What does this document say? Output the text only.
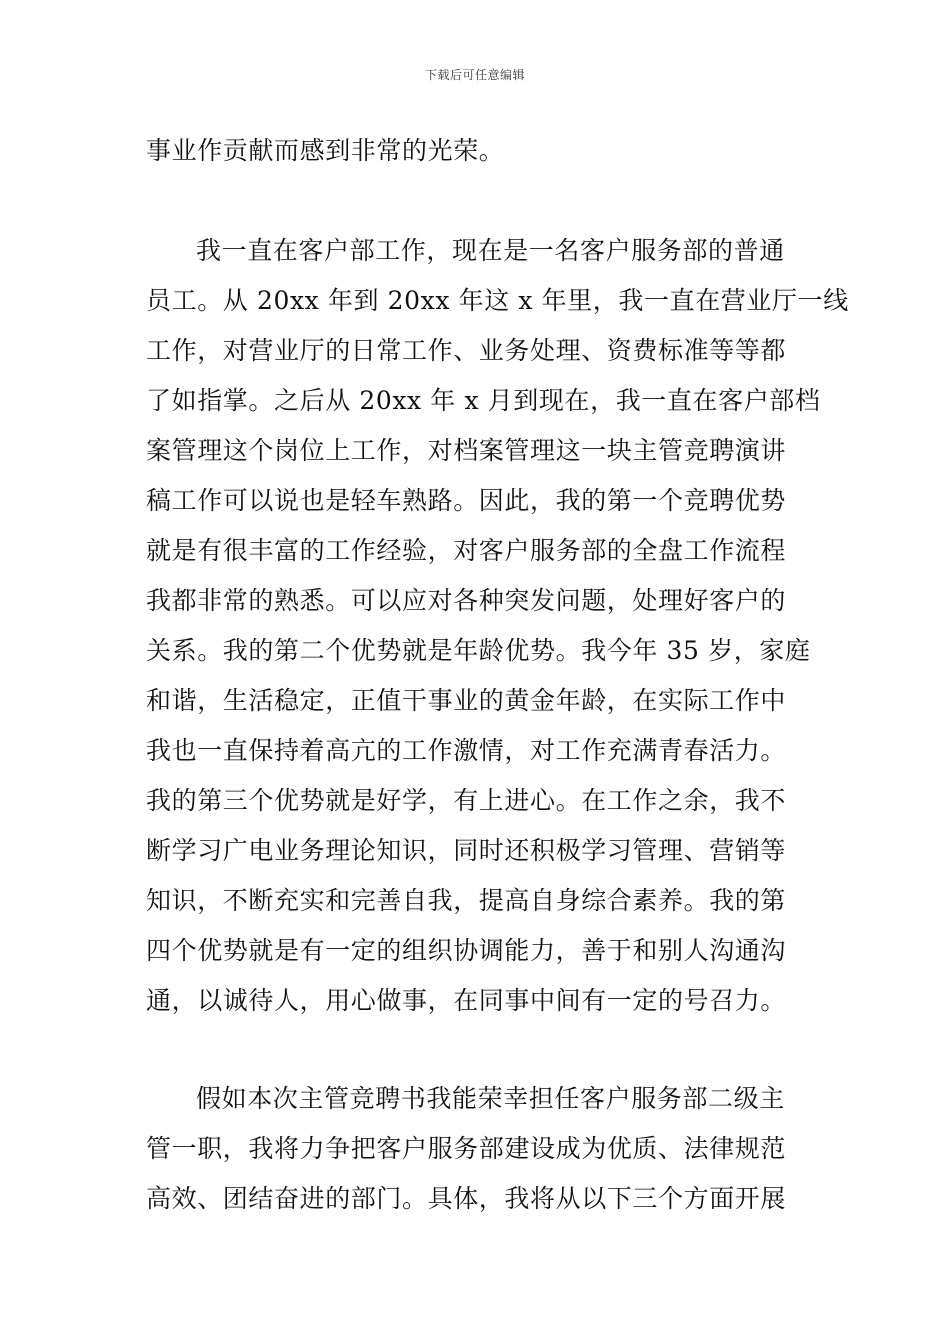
下载后可任意编辑
事业作贡献而感到非常的光荣。
我一直在客户部工作，现在是一名客户服务部的普通
员工。从 20xx 年到 20xx 年这 x 年里，我一直在营业厅一线
工作，对营业厅的日常工作、业务处理、资费标准等等都
了如指掌。之后从 20xx 年 x 月到现在，我一直在客户部档
案管理这个岗位上工作，对档案管理这一块主管竞聘演讲
稿工作可以说也是轻车熟路。因此，我的第一个竞聘优势
就是有很丰富的工作经验，对客户服务部的全盘工作流程
我都非常的熟悉。可以应对各种突发问题，处理好客户的
关系。我的第二个优势就是年龄优势。我今年 35 岁，家庭
和谐，生活稳定，正值干事业的黄金年龄，在实际工作中
我也一直保持着高亢的工作激情，对工作充满青春活力。
我的第三个优势就是好学，有上进心。在工作之余，我不
断学习广电业务理论知识，同时还积极学习管理、营销等
知识，不断充实和完善自我，提高自身综合素养。我的第
四个优势就是有一定的组织协调能力，善于和别人沟通沟
通，以诚待人，用心做事，在同事中间有一定的号召力。
假如本次主管竞聘书我能荣幸担任客户服务部二级主
管一职，我将力争把客户服务部建设成为优质、法律规范
高效、团结奋进的部门。具体，我将从以下三个方面开展
